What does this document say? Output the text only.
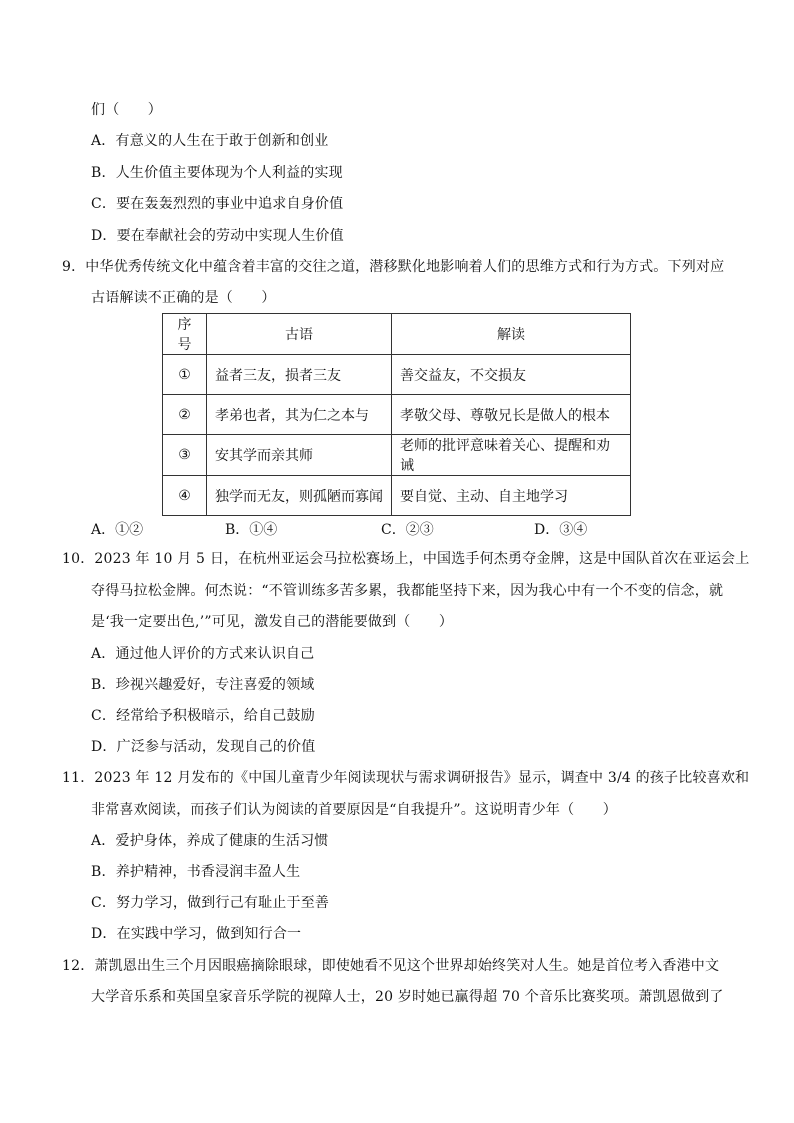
们（　　）
A．有意义的人生在于敢于创新和创业
B．人生价值主要体现为个人利益的实现
C．要在轰轰烈烈的事业中追求自身价值
D．要在奉献社会的劳动中实现人生价值
9．中华优秀传统文化中蕴含着丰富的交往之道，潜移默化地影响着人们的思维方式和行为方式。下列对应
古语解读不正确的是（　　）
序号	古语	解读
①	益者三友，损者三友	善交益友，不交损友
②	孝弟也者，其为仁之本与	孝敬父母、尊敬兄长是做人的根本
③	安其学而亲其师	老师的批评意味着关心、提醒和劝诫
④	独学而无友，则孤陋而寡闻	要自觉、主动、自主地学习
A．①②	B．①④	C．②③	D．③④
10．2023 年 10 月 5 日，在杭州亚运会马拉松赛场上，中国选手何杰勇夺金牌，这是中国队首次在亚运会上
夺得马拉松金牌。何杰说：“不管训练多苦多累，我都能坚持下来，因为我心中有一个不变的信念，就
是‘我一定要出色,’”可见，激发自己的潜能要做到（　　）
A．通过他人评价的方式来认识自己
B．珍视兴趣爱好，专注喜爱的领域
C．经常给予积极暗示，给自己鼓励
D．广泛参与活动，发现自己的价值
11．2023 年 12 月发布的《中国儿童青少年阅读现状与需求调研报告》显示，调查中 3/4 的孩子比较喜欢和
非常喜欢阅读，而孩子们认为阅读的首要原因是“自我提升”。这说明青少年（　　）
A．爱护身体，养成了健康的生活习惯
B．养护精神，书香浸润丰盈人生
C．努力学习，做到行己有耻止于至善
D．在实践中学习，做到知行合一
12．萧凯恩出生三个月因眼癌摘除眼球，即使她看不见这个世界却始终笑对人生。她是首位考入香港中文
大学音乐系和英国皇家音乐学院的视障人士，20 岁时她已赢得超 70 个音乐比赛奖项。萧凯恩做到了
